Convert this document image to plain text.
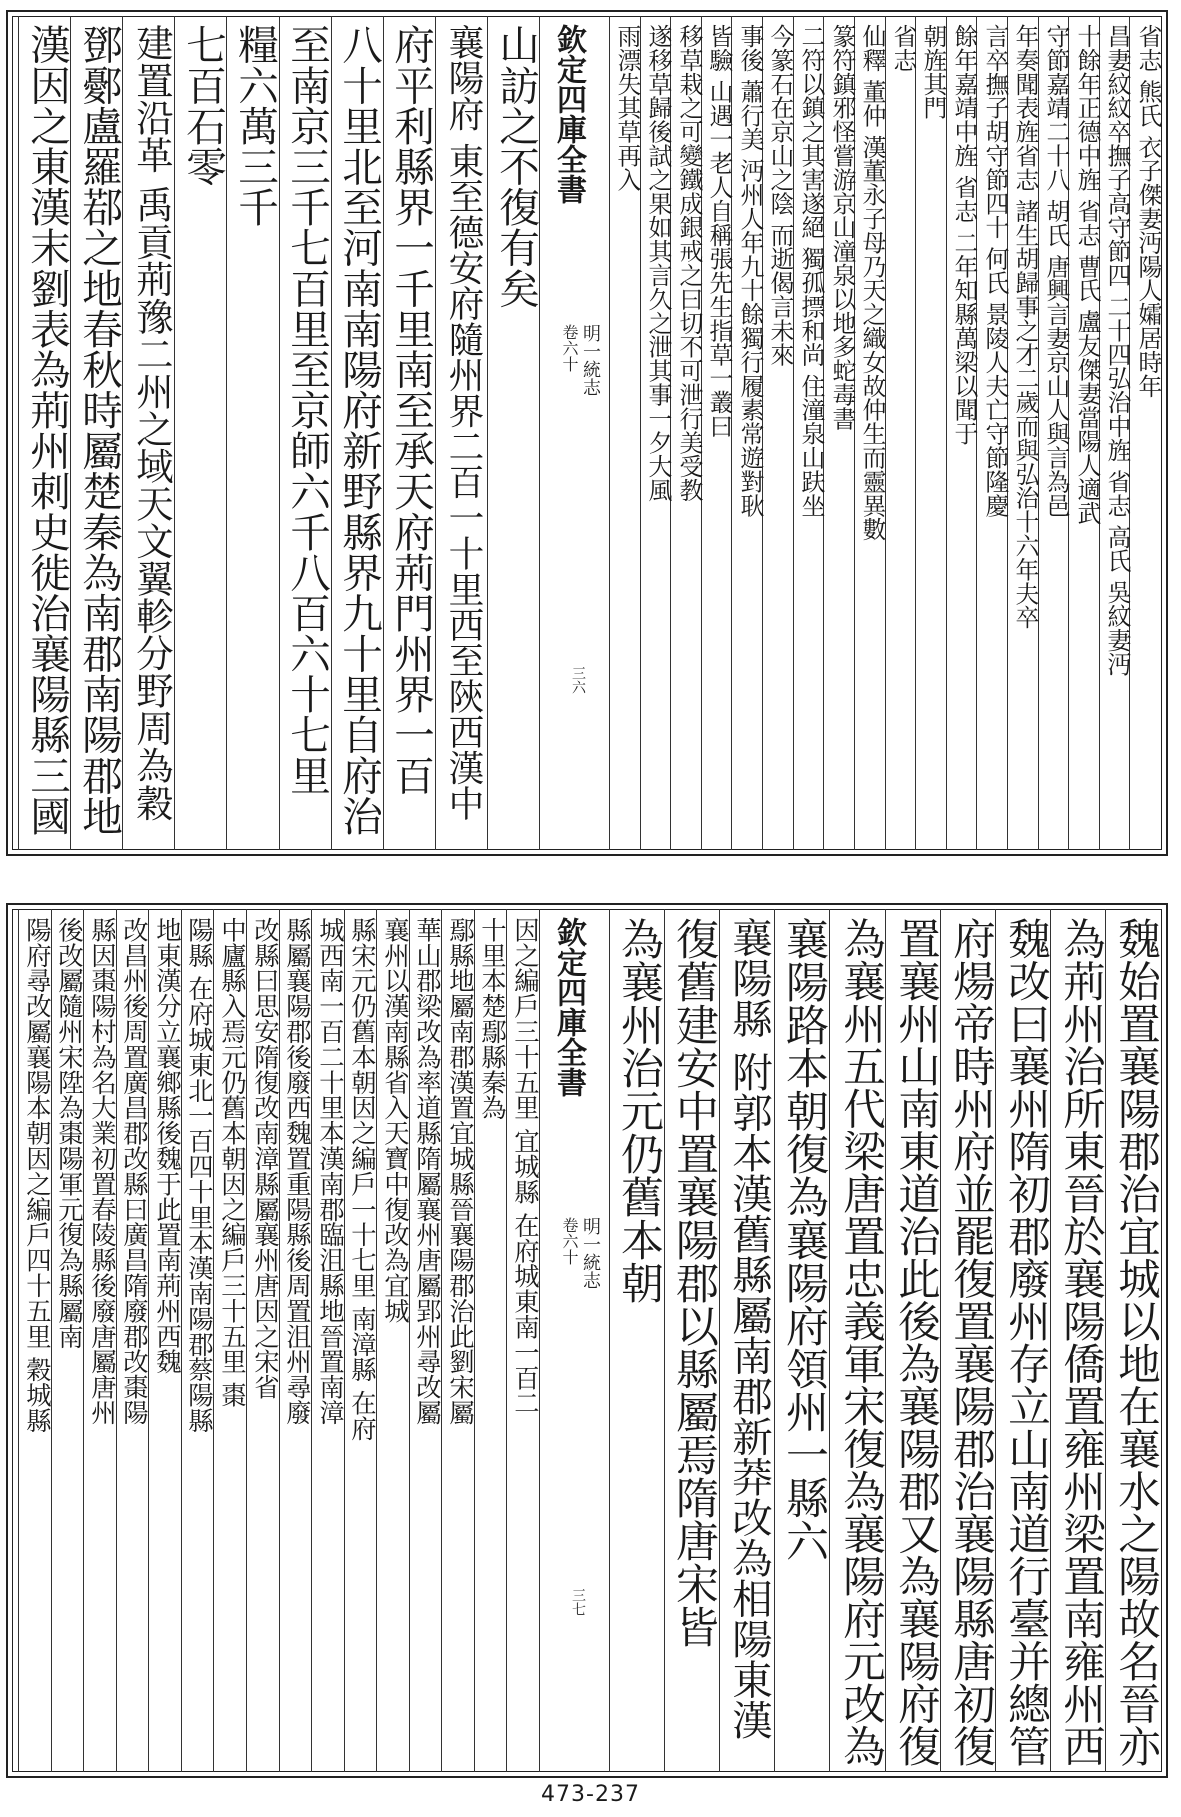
欽定四庫全書
明一統志
卷六十
三六
省志 熊氏 衣子傑妻沔陽人孀居時年
昌妻紋紋卒撫子高守節四 二十四弘治中旌 省志 高氏 吳紋妻沔
十餘年正德中旌 省志 曹氏 盧友傑妻當陽人適武
守節嘉靖二十八 胡氏 唐興言妻京山人與言為邑
年奏聞表旌省志 諸生胡歸事之才二歲而與弘治十六年夫卒
言卒撫子胡守節四十 何氏 景陵人夫亡守節隆慶
餘年嘉靖中旌 省志 二年知縣萬梁以聞于
朝旌其門
省志
仙釋 董仲 漢董永子母乃天之織女故仲生而靈異數
篆符鎮邪怪嘗游京山潼泉以地多蛇毒書
二符以鎮之其害遂絕 獨孤摽和尚 住潼泉山趺坐
今篆石在京山之陰 而逝偈言未來
事後 蕭行美 沔州人年九十餘獨行履素常遊對耿
皆驗 山遇一老人自稱張先生指草一叢曰
移草栽之可變鐵成銀戒之曰切不可泄行美受教
遂移草歸後試之果如其言久之泄其事一夕大風
雨漂失其草再入
山訪之不復有矣
襄陽府 東至德安府隨州界二百一十里西至陝西漢中
府平利縣界一千里南至承天府荊門州界一百
八十里北至河南南陽府新野縣界九十里自府治
至南京三千七百里至京師六千八百六十七里
糧六萬三千
七百石零
建置沿革 禹貢荊豫二州之域天文翼軫分野周為穀
鄧鄾盧羅鄀之地春秋時屬楚秦為南郡南陽郡地
漢因之東漢末劉表為荊州刺史徙治襄陽縣三國
欽定四庫全書
明一統志
卷六十
三七	魏始置襄陽郡治宜城以地在襄水之陽故名晉亦
為荊州治所東晉於襄陽僑置雍州梁置南雍州西
魏改曰襄州隋初郡廢州存立山南道行臺并總管
府煬帝時州府並罷復置襄陽郡治襄陽縣唐初復
置襄州山南東道治此後為襄陽郡又為襄陽府復
為襄州五代梁唐置忠義軍宋復為襄陽府元改為
襄陽路本朝復為襄陽府領州一縣六
襄陽縣 附郭本漢舊縣屬南郡新莽改為相陽東漢
復舊建安中置襄陽郡以縣屬焉隋唐宋皆
為襄州治元仍舊本朝
因之編戶三十五里 宜城縣 在府城東南一百二
十里本楚鄢縣秦為
鄢縣地屬南郡漢置宜城縣晉襄陽郡治此劉宋屬
華山郡梁改為率道縣隋屬襄州唐屬郢州尋改屬
襄州以漢南縣省入天寶中復改為宜城
縣宋元仍舊本朝因之編戶一十七里 南漳縣 在府
城西南一百二十里本漢南郡臨沮縣地晉置南漳
縣屬襄陽郡後廢西魏置重陽縣後周置沮州尋廢
改縣曰思安隋復改南漳縣屬襄州唐因之宋省
中廬縣入焉元仍舊本朝因之編戶三十五里 棗
陽縣 在府城東北一百四十里本漢南陽郡蔡陽縣
地東漢分立襄鄉縣後魏于此置南荊州西魏
改昌州後周置廣昌郡改縣曰廣昌隋廢郡改棗陽
縣因棗陽村為名大業初置春陵縣後廢唐屬唐州
後改屬隨州宋陞為棗陽軍元復為縣屬南
陽府尋改屬襄陽本朝因之編戶四十五里 穀城縣
473-237
